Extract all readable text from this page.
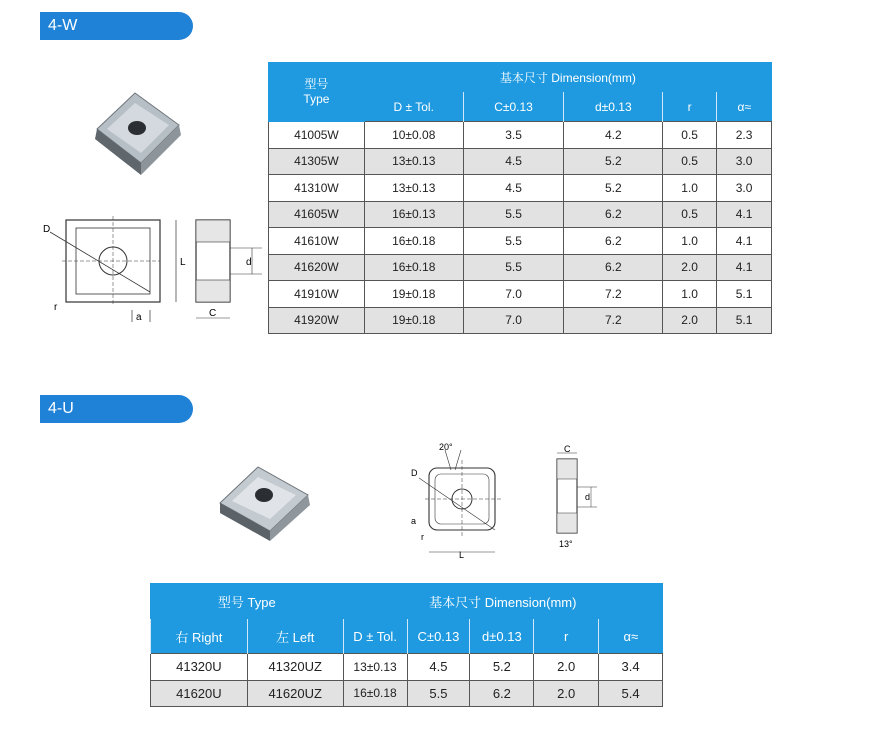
4-W
D
L
r
a
d
C
型号
Type	基本尺寸 Dimension(mm)				
	D ± Tol.	C±0.13	d±0.13	r	α≈
41005W	10±0.08	3.5	4.2	0.5	2.3
41305W	13±0.13	4.5	5.2	0.5	3.0
41310W	13±0.13	4.5	5.2	1.0	3.0
41605W	16±0.13	5.5	6.2	0.5	4.1
41610W	16±0.18	5.5	6.2	1.0	4.1
41620W	16±0.18	5.5	6.2	2.0	4.1
41910W	19±0.18	7.0	7.2	1.0	5.1
41920W	19±0.18	7.0	7.2	2.0	5.1
4-U
20°
D
a
r
L
C
d
13°
型号 Type		基本尺寸 Dimension(mm)				
右 Right	左 Left	D ± Tol.	C±0.13	d±0.13	r	α≈
41320U	41320UZ	13±0.13	4.5	5.2	2.0	3.4
41620U	41620UZ	16±0.18	5.5	6.2	2.0	5.4
